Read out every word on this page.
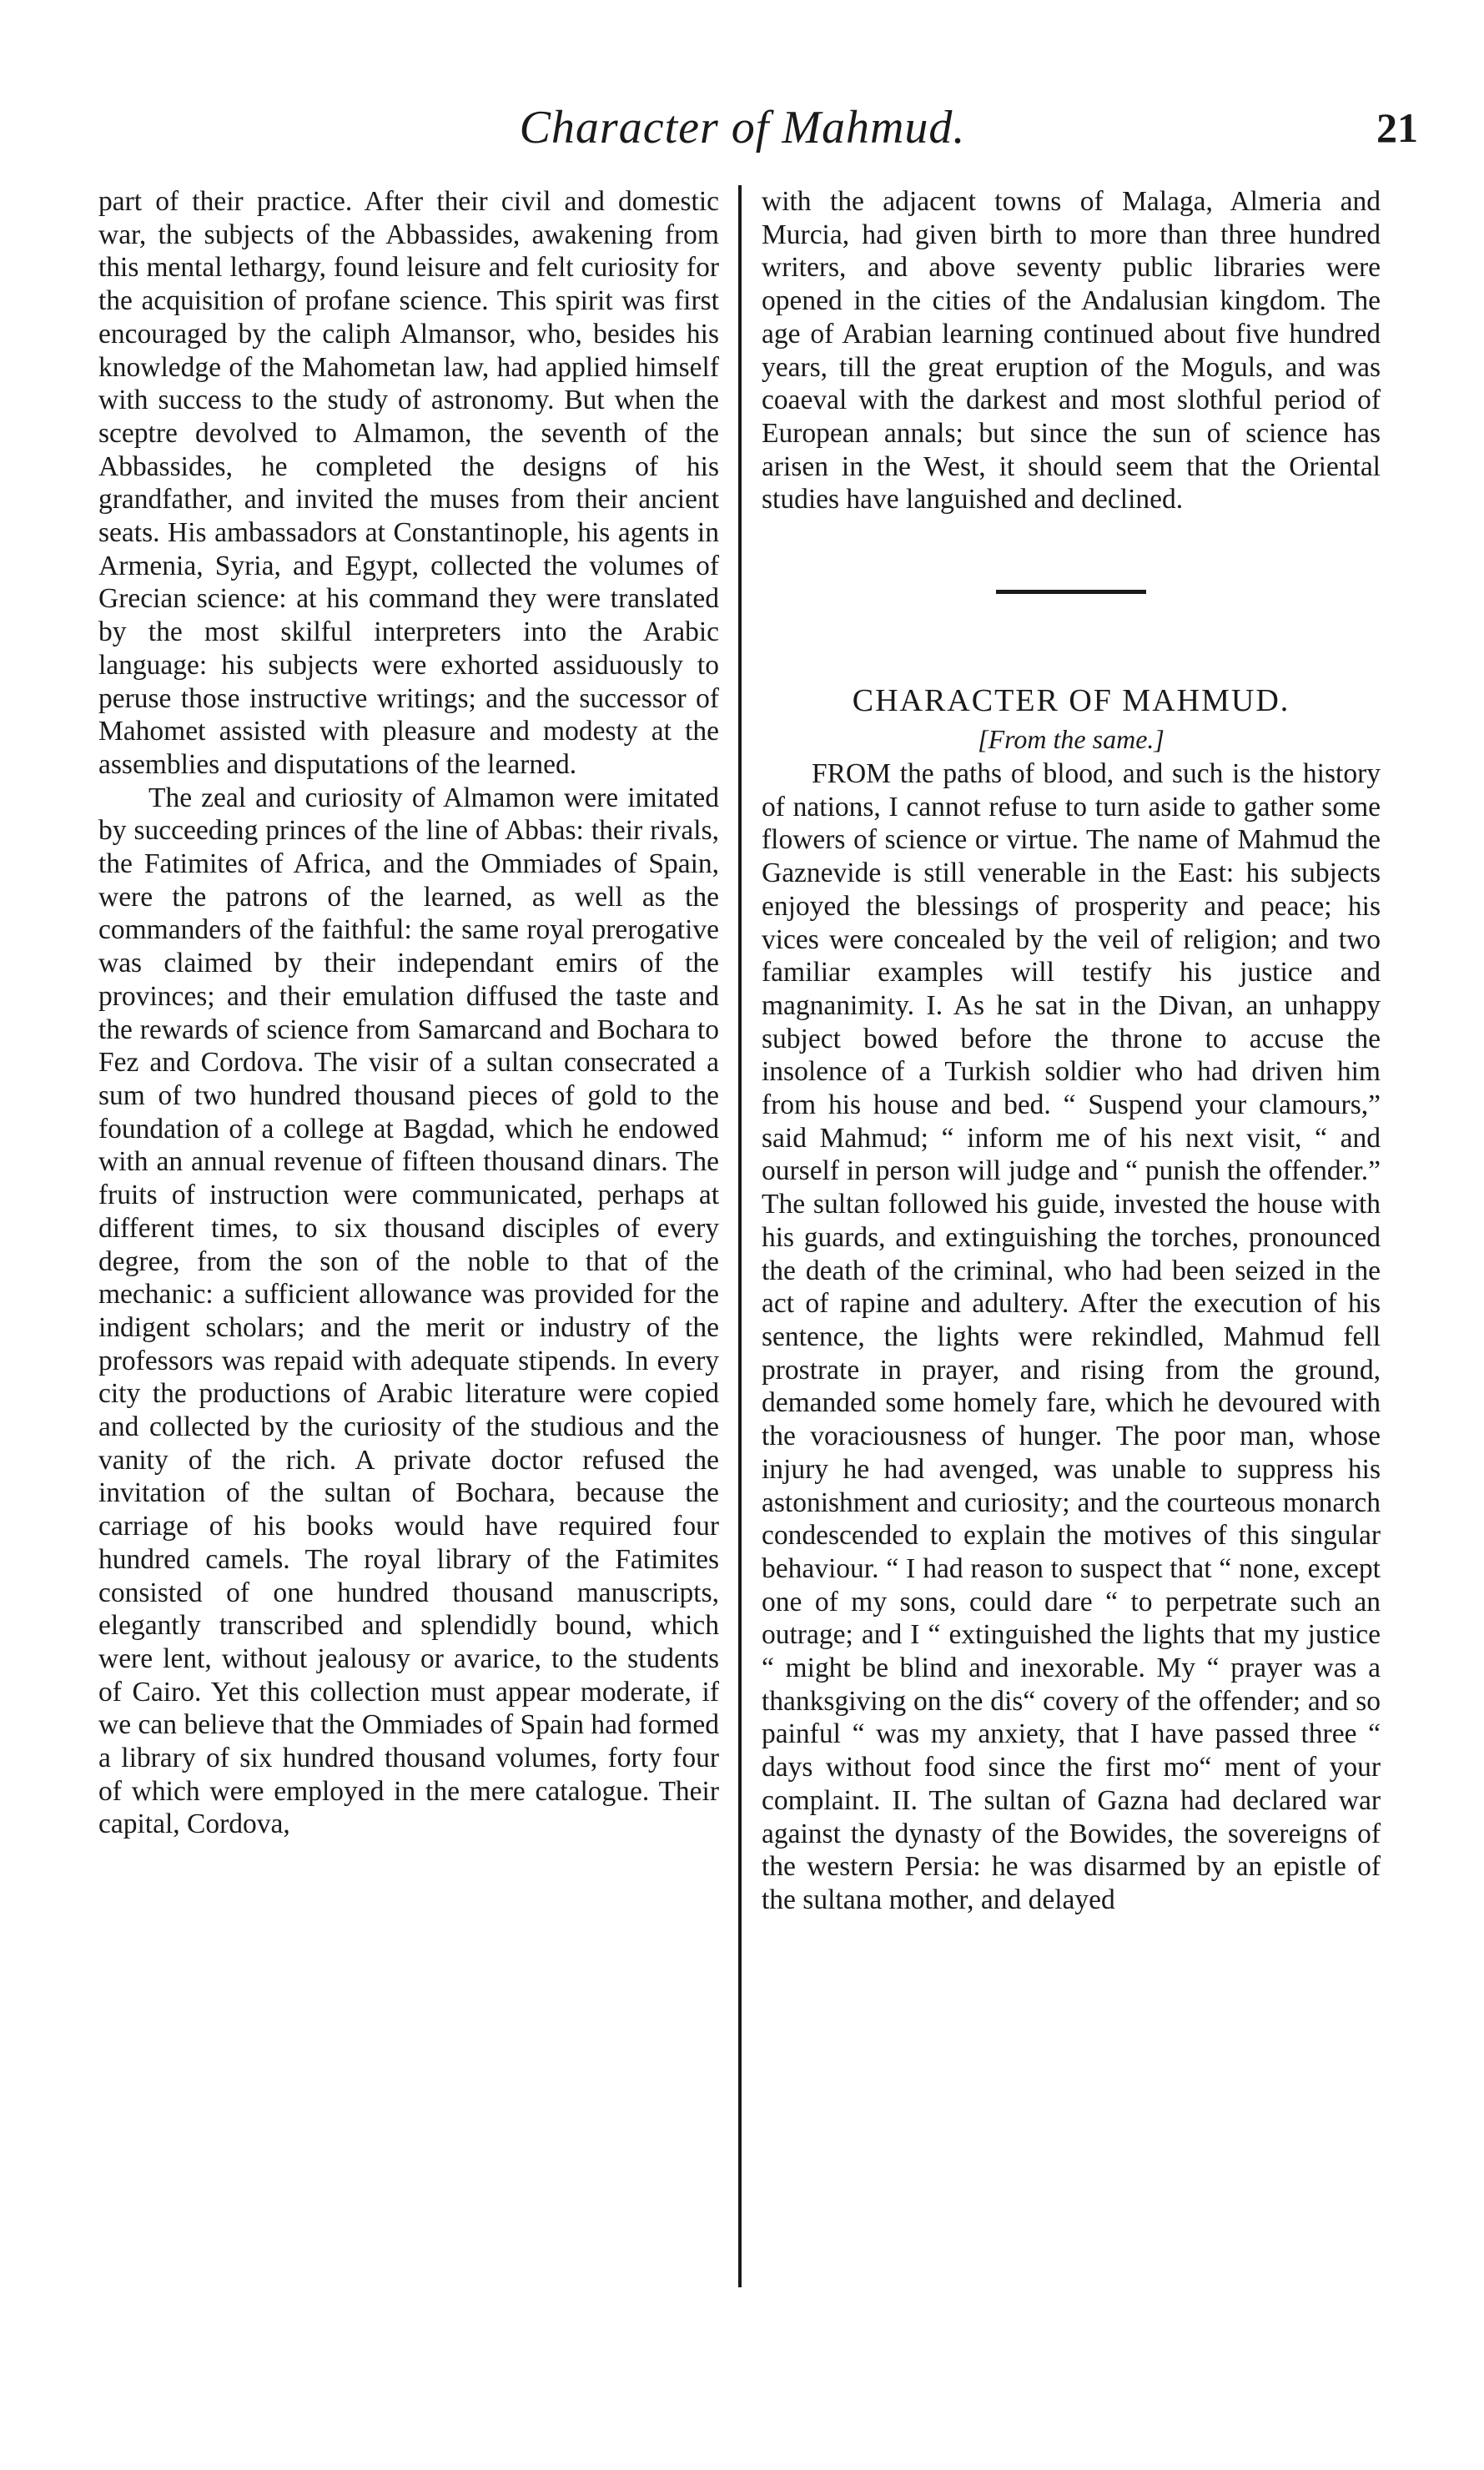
Character of Mahmud.	21

part of their practice. After their civil and domestic war, the subjects of the Abbassides, awakening from this mental lethargy, found leisure and felt curiosity for the acquisition of profane science. This spirit was first encouraged by the caliph Almansor, who, besides his knowledge of the Mahometan law, had applied himself with success to the study of astronomy. But when the sceptre devolved to Almamon, the seventh of the Abbassides, he completed the designs of his grandfather, and invited the muses from their ancient seats. His ambassadors at Constantinople, his agents in Armenia, Syria, and Egypt, collected the volumes of Grecian science: at his command they were translated by the most skilful interpreters into the Arabic language: his subjects were exhorted assiduously to peruse those instructive writings; and the successor of Mahomet assisted with pleasure and modesty at the assemblies and disputations of the learned.

The zeal and curiosity of Almamon were imitated by succeeding princes of the line of Abbas: their rivals, the Fatimites of Africa, and the Ommiades of Spain, were the patrons of the learned, as well as the commanders of the faithful: the same royal prerogative was claimed by their independant emirs of the provinces; and their emulation diffused the taste and the rewards of science from Samarcand and Bochara to Fez and Cordova. The visir of a sultan consecrated a sum of two hundred thousand pieces of gold to the foundation of a college at Bagdad, which he endowed with an annual revenue of fifteen thousand dinars. The fruits of instruction were communicated, perhaps at different times, to six thousand disciples of every degree, from the son of the noble to that of the mechanic: a sufficient allowance was provided for the indigent scholars; and the merit or industry of the professors was repaid with adequate stipends. In every city the productions of Arabic literature were copied and collected by the curiosity of the studious and the vanity of the rich. A private doctor refused the invitation of the sultan of Bochara, because the carriage of his books would have required four hundred camels. The royal library of the Fatimites consisted of one hundred thousand manuscripts, elegantly transcribed and splendidly bound, which were lent, without jealousy or avarice, to the students of Cairo. Yet this collection must appear moderate, if we can believe that the Ommiades of Spain had formed a library of six hundred thousand volumes, forty four of which were employed in the mere catalogue. Their capital, Cordova,

with the adjacent towns of Malaga, Almeria and Murcia, had given birth to more than three hundred writers, and above seventy public libraries were opened in the cities of the Andalusian kingdom. The age of Arabian learning continued about five hundred years, till the great eruption of the Moguls, and was coaeval with the darkest and most slothful period of European annals; but since the sun of science has arisen in the West, it should seem that the Oriental studies have languished and declined.

CHARACTER OF MAHMUD.

[From the same.]

FROM the paths of blood, and such is the history of nations, I cannot refuse to turn aside to gather some flowers of science or virtue. The name of Mahmud the Gaznevide is still venerable in the East: his subjects enjoyed the blessings of prosperity and peace; his vices were concealed by the veil of religion; and two familiar examples will testify his justice and magnanimity. I. As he sat in the Divan, an unhappy subject bowed before the throne to accuse the insolence of a Turkish soldier who had driven him from his house and bed. “ Suspend your clamours,” said Mahmud; “ inform me of his next visit, “ and ourself in person will judge and “ punish the offender.” The sultan followed his guide, invested the house with his guards, and extinguishing the torches, pronounced the death of the criminal, who had been seized in the act of rapine and adultery. After the execution of his sentence, the lights were rekindled, Mahmud fell prostrate in prayer, and rising from the ground, demanded some homely fare, which he devoured with the voraciousness of hunger. The poor man, whose injury he had avenged, was unable to suppress his astonishment and curiosity; and the courteous monarch condescended to explain the motives of this singular behaviour. “ I had reason to suspect that “ none, except one of my sons, could dare “ to perpetrate such an outrage; and I “ extinguished the lights that my justice “ might be blind and inexorable. My “ prayer was a thanksgiving on the dis“ covery of the offender; and so painful “ was my anxiety, that I have passed three “ days without food since the first mo“ ment of your complaint. II. The sultan of Gazna had declared war against the dynasty of the Bowides, the sovereigns of the western Persia: he was disarmed by an epistle of the sultana mother, and delayed
